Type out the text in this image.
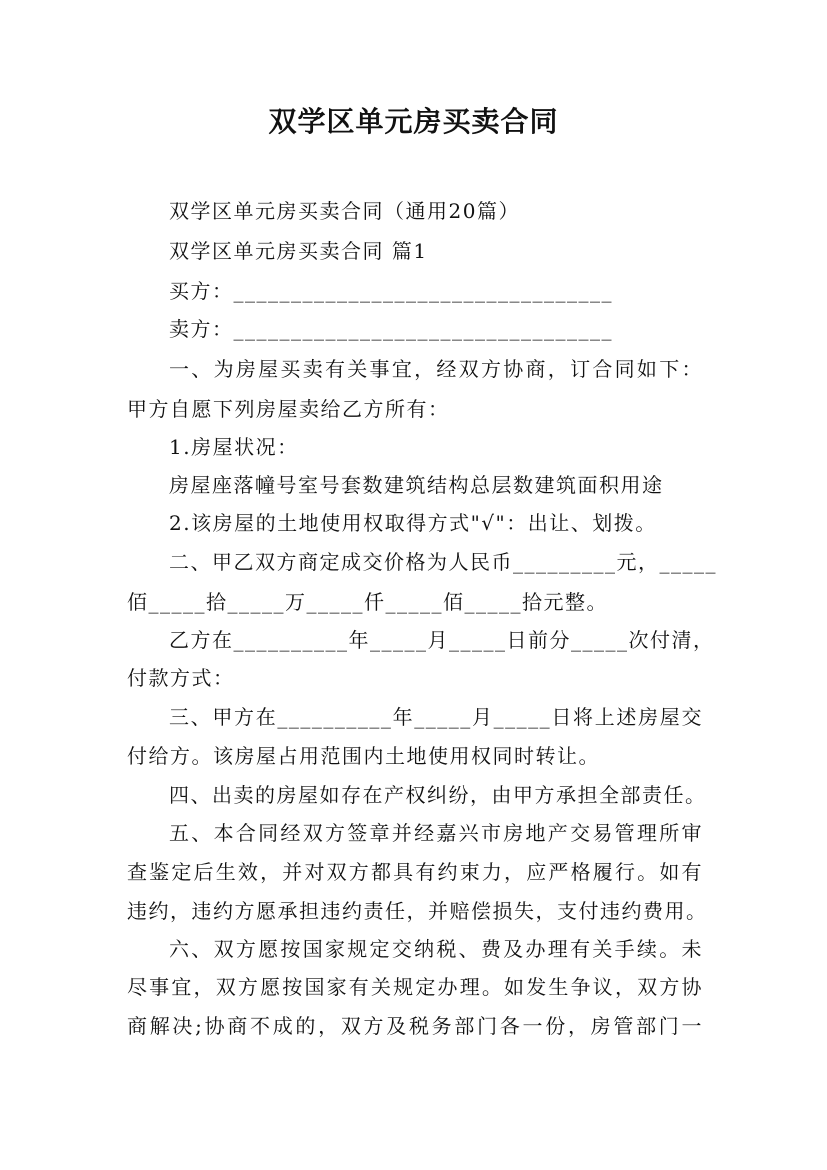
双学区单元房买卖合同
双学区单元房买卖合同（通用20篇）
双学区单元房买卖合同 篇1
买方：_________________________________
卖方：_________________________________
一、为房屋买卖有关事宜，经双方协商，订合同如下：
甲方自愿下列房屋卖给乙方所有：
1.房屋状况：
房屋座落幢号室号套数建筑结构总层数建筑面积用途
2.该房屋的土地使用权取得方式"√"：出让、划拨。
二、甲乙双方商定成交价格为人民币_________元，_____
佰_____拾_____万_____仟_____佰_____拾元整。
乙方在__________年_____月_____日前分_____次付清，
付款方式：
三、甲方在__________年_____月_____日将上述房屋交
付给方。该房屋占用范围内土地使用权同时转让。
四、出卖的房屋如存在产权纠纷，由甲方承担全部责任。
五、本合同经双方签章并经嘉兴市房地产交易管理所审
查鉴定后生效，并对双方都具有约束力，应严格履行。如有
违约，违约方愿承担违约责任，并赔偿损失，支付违约费用。
六、双方愿按国家规定交纳税、费及办理有关手续。未
尽事宜，双方愿按国家有关规定办理。如发生争议，双方协
商解决;协商不成的，双方及税务部门各一份，房管部门一
